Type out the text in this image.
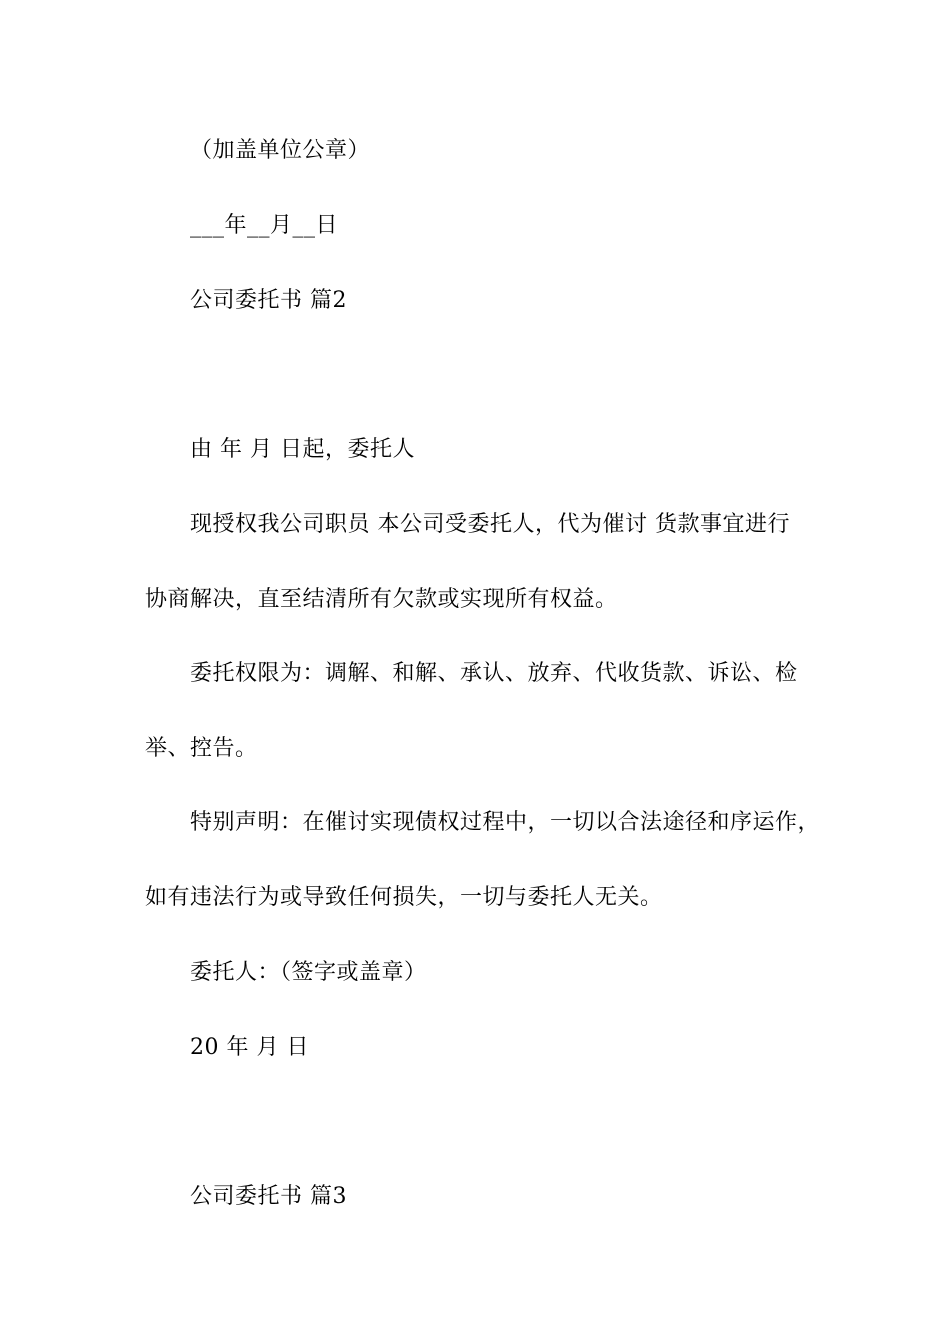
（加盖单位公章）
___年__月__日
公司委托书 篇2
由 年 月 日起，委托人
现授权我公司职员 本公司受委托人，代为催讨 货款事宜进行
协商解决，直至结清所有欠款或实现所有权益。
委托权限为：调解、和解、承认、放弃、代收货款、诉讼、检
举、控告。
特别声明：在催讨实现债权过程中，一切以合法途径和序运作，
如有违法行为或导致任何损失，一切与委托人无关。
委托人：（签字或盖章）
20 年 月 日
公司委托书 篇3
